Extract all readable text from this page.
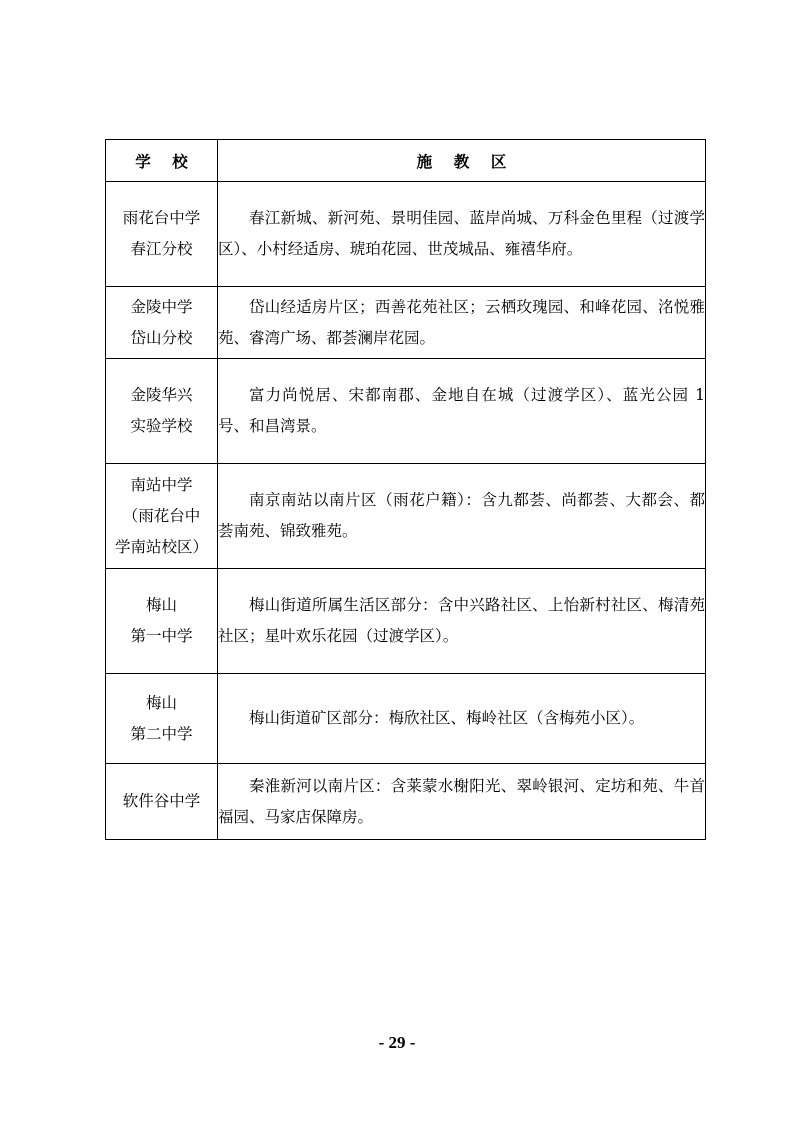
学    校	施    教    区

雨花台中学
春江分校	春江新城、新河苑、景明佳园、蓝岸尚城、万科金色里程（过渡学区）、小村经适房、琥珀花园、世茂城品、雍禧华府。

金陵中学
岱山分校	岱山经适房片区；西善花苑社区；云栖玫瑰园、和峰花园、洺悦雅苑、睿湾广场、都荟澜岸花园。

金陵华兴
实验学校	富力尚悦居、宋都南郡、金地自在城（过渡学区）、蓝光公园 1 号、和昌湾景。

南站中学
（雨花台中
学南站校区）	南京南站以南片区（雨花户籍）：含九都荟、尚都荟、大都会、都荟南苑、锦致雅苑。

梅山
第一中学	梅山街道所属生活区部分：含中兴路社区、上怡新村社区、梅清苑社区；星叶欢乐花园（过渡学区）。

梅山
第二中学	梅山街道矿区部分：梅欣社区、梅岭社区（含梅苑小区）。

软件谷中学	秦淮新河以南片区：含莱蒙水榭阳光、翠岭银河、定坊和苑、牛首福园、马家店保障房。
- 29 -
